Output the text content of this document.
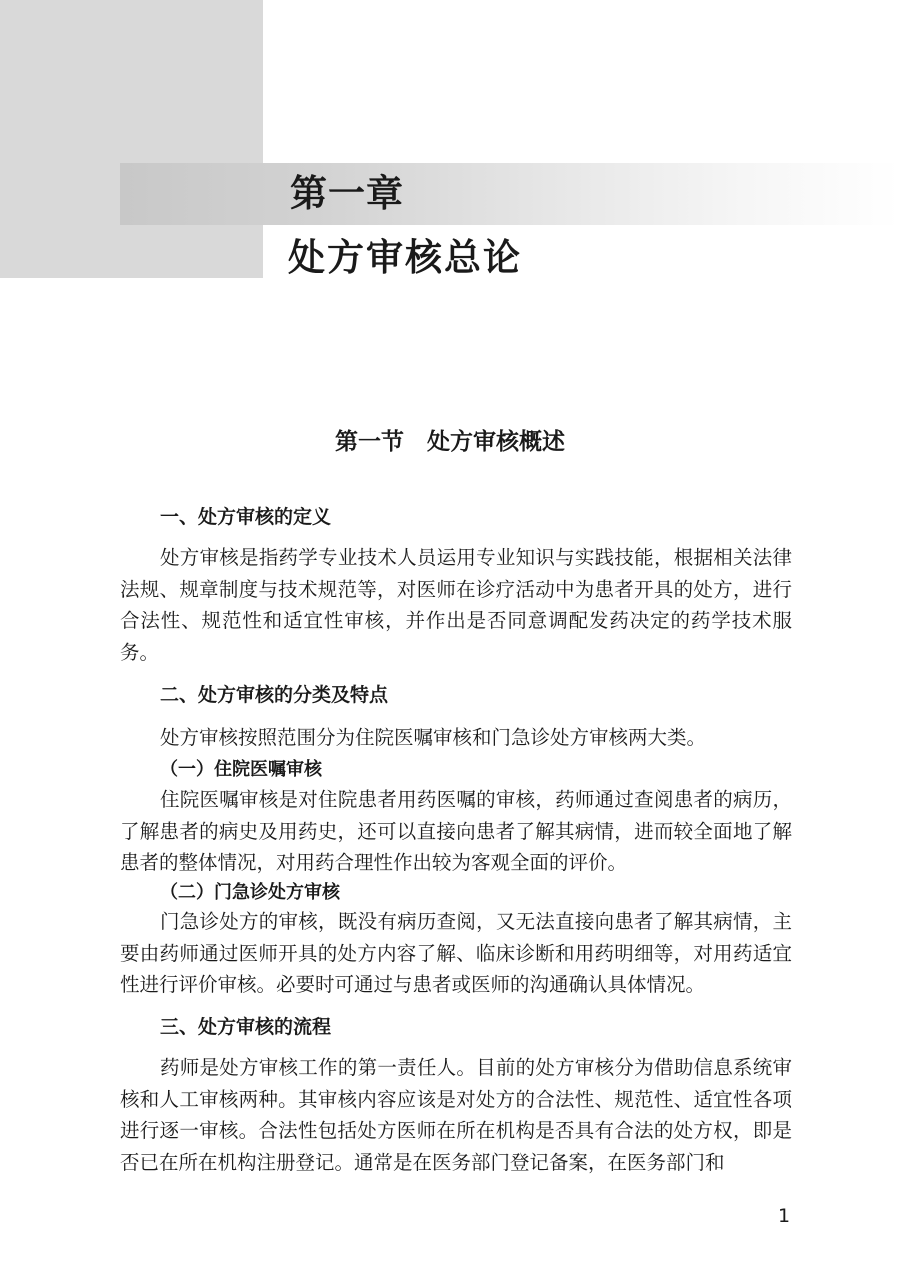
第一章
处方审核总论
第一节　处方审核概述
一、处方审核的定义

处方审核是指药学专业技术人员运用专业知识与实践技能，根据相关法律法规、规章制度与技术规范等，对医师在诊疗活动中为患者开具的处方，进行合法性、规范性和适宜性审核，并作出是否同意调配发药决定的药学技术服务。

二、处方审核的分类及特点

处方审核按照范围分为住院医嘱审核和门急诊处方审核两大类。

（一）住院医嘱审核

住院医嘱审核是对住院患者用药医嘱的审核，药师通过查阅患者的病历，了解患者的病史及用药史，还可以直接向患者了解其病情，进而较全面地了解患者的整体情况，对用药合理性作出较为客观全面的评价。

（二）门急诊处方审核

门急诊处方的审核，既没有病历查阅，又无法直接向患者了解其病情，主要由药师通过医师开具的处方内容了解、临床诊断和用药明细等，对用药适宜性进行评价审核。必要时可通过与患者或医师的沟通确认具体情况。

三、处方审核的流程

药师是处方审核工作的第一责任人。目前的处方审核分为借助信息系统审核和人工审核两种。其审核内容应该是对处方的合法性、规范性、适宜性各项进行逐一审核。合法性包括处方医师在所在机构是否具有合法的处方权，即是否已在所在机构注册登记。通常是在医务部门登记备案，在医务部门和

1
